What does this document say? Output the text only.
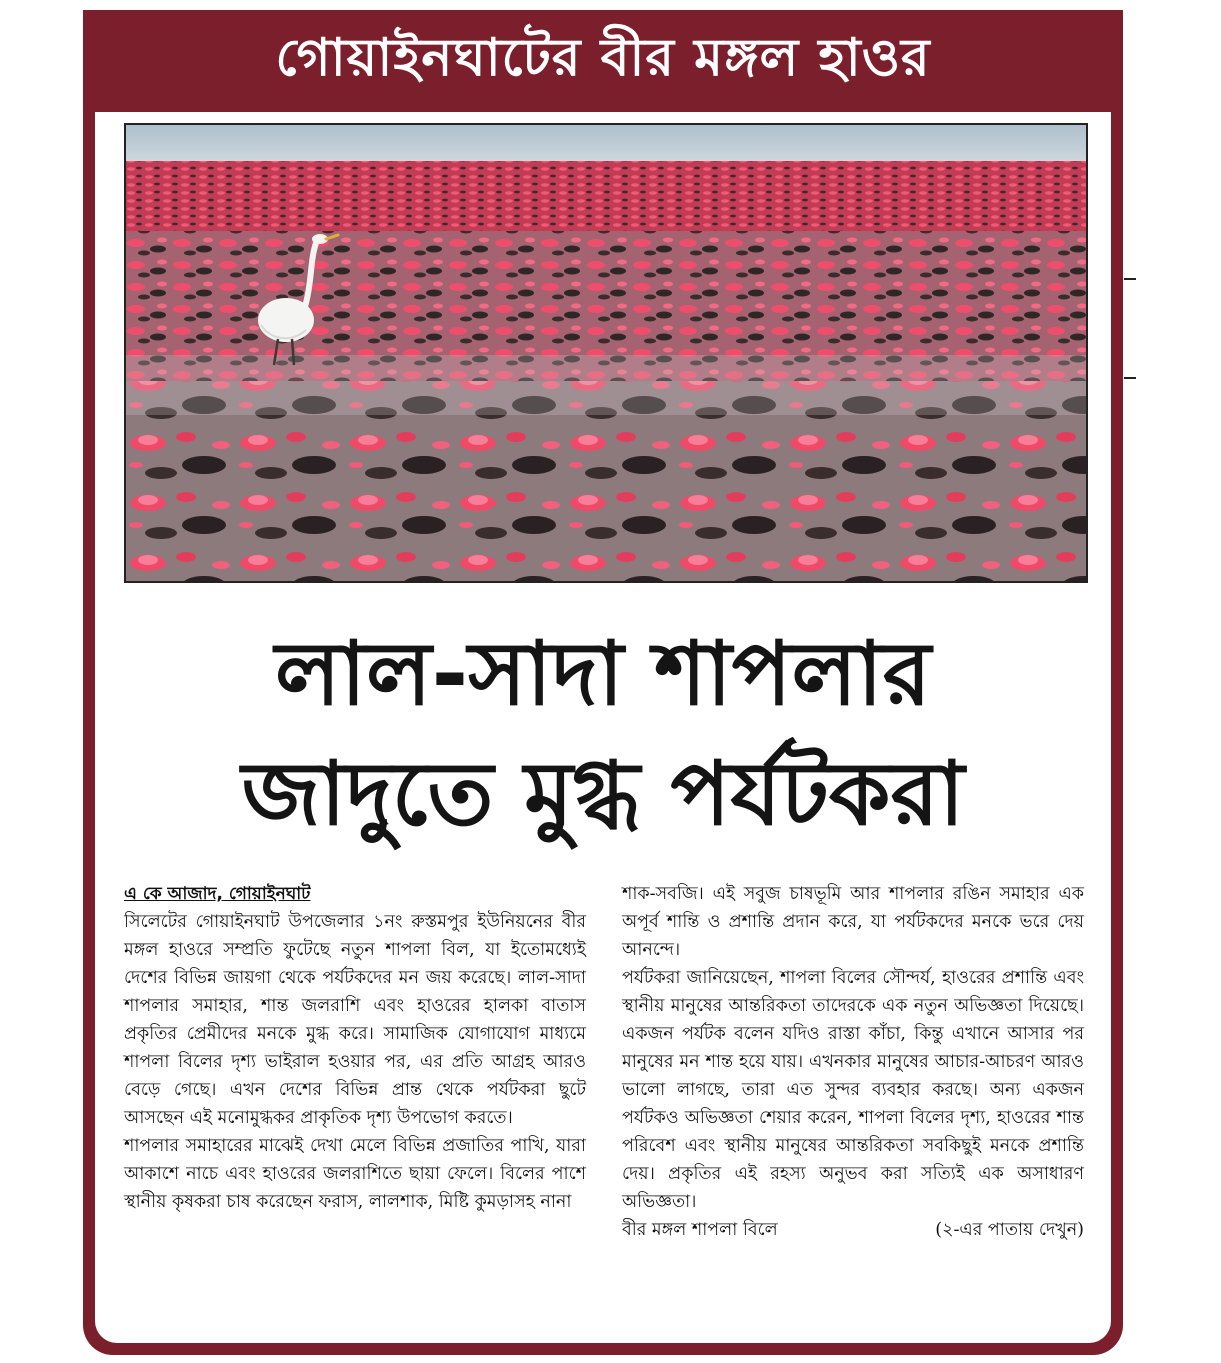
গোয়াইনঘাটের বীর মঙ্গল হাওর
লাল-সাদা শাপলার
জাদুতে মুগ্ধ পর্যটকরা
এ কে আজাদ, গোয়াইনঘাট

সিলেটের গোয়াইনঘাট উপজেলার ১নং রুস্তমপুর ইউনিয়নের বীর মঙ্গল হাওরে সম্প্রতি ফুটেছে নতুন শাপলা বিল, যা ইতোমধ্যেই দেশের বিভিন্ন জায়গা থেকে পর্যটকদের মন জয় করেছে। লাল-সাদা শাপলার সমাহার, শান্ত জলরাশি এবং হাওরের হালকা বাতাস প্রকৃতির প্রেমীদের মনকে মুগ্ধ করে। সামাজিক যোগাযোগ মাধ্যমে শাপলা বিলের দৃশ্য ভাইরাল হওয়ার পর, এর প্রতি আগ্রহ আরও বেড়ে গেছে। এখন দেশের বিভিন্ন প্রান্ত থেকে পর্যটকরা ছুটে আসছেন এই মনোমুগ্ধকর প্রাকৃতিক দৃশ্য উপভোগ করতে।

শাপলার সমাহারের মাঝেই দেখা মেলে বিভিন্ন প্রজাতির পাখি, যারা আকাশে নাচে এবং হাওরের জলরাশিতে ছায়া ফেলে। বিলের পাশে স্থানীয় কৃষকরা চাষ করেছেন ফরাস, লালশাক, মিষ্টি কুমড়াসহ নানা

শাক-সবজি। এই সবুজ চাষভূমি আর শাপলার রঙিন সমাহার এক অপূর্ব শান্তি ও প্রশান্তি প্রদান করে, যা পর্যটকদের মনকে ভরে দেয় আনন্দে।

পর্যটকরা জানিয়েছেন, শাপলা বিলের সৌন্দর্য, হাওরের প্রশান্তি এবং স্থানীয় মানুষের আন্তরিকতা তাদেরকে এক নতুন অভিজ্ঞতা দিয়েছে। একজন পর্যটক বলেন যদিও রাস্তা কাঁচা, কিন্তু এখানে আসার পর মানুষের মন শান্ত হয়ে যায়। এখনকার মানুষের আচার-আচরণ আরও ভালো লাগছে, তারা এত সুন্দর ব্যবহার করছে। অন্য একজন পর্যটকও অভিজ্ঞতা শেয়ার করেন, শাপলা বিলের দৃশ্য, হাওরের শান্ত পরিবেশ এবং স্থানীয় মানুষের আন্তরিকতা সবকিছুই মনকে প্রশান্তি দেয়। প্রকৃতির এই রহস্য অনুভব করা সত্যিই এক অসাধারণ অভিজ্ঞতা।

বীর মঙ্গল শাপলা বিলে	(২-এর পাতায় দেখুন)
